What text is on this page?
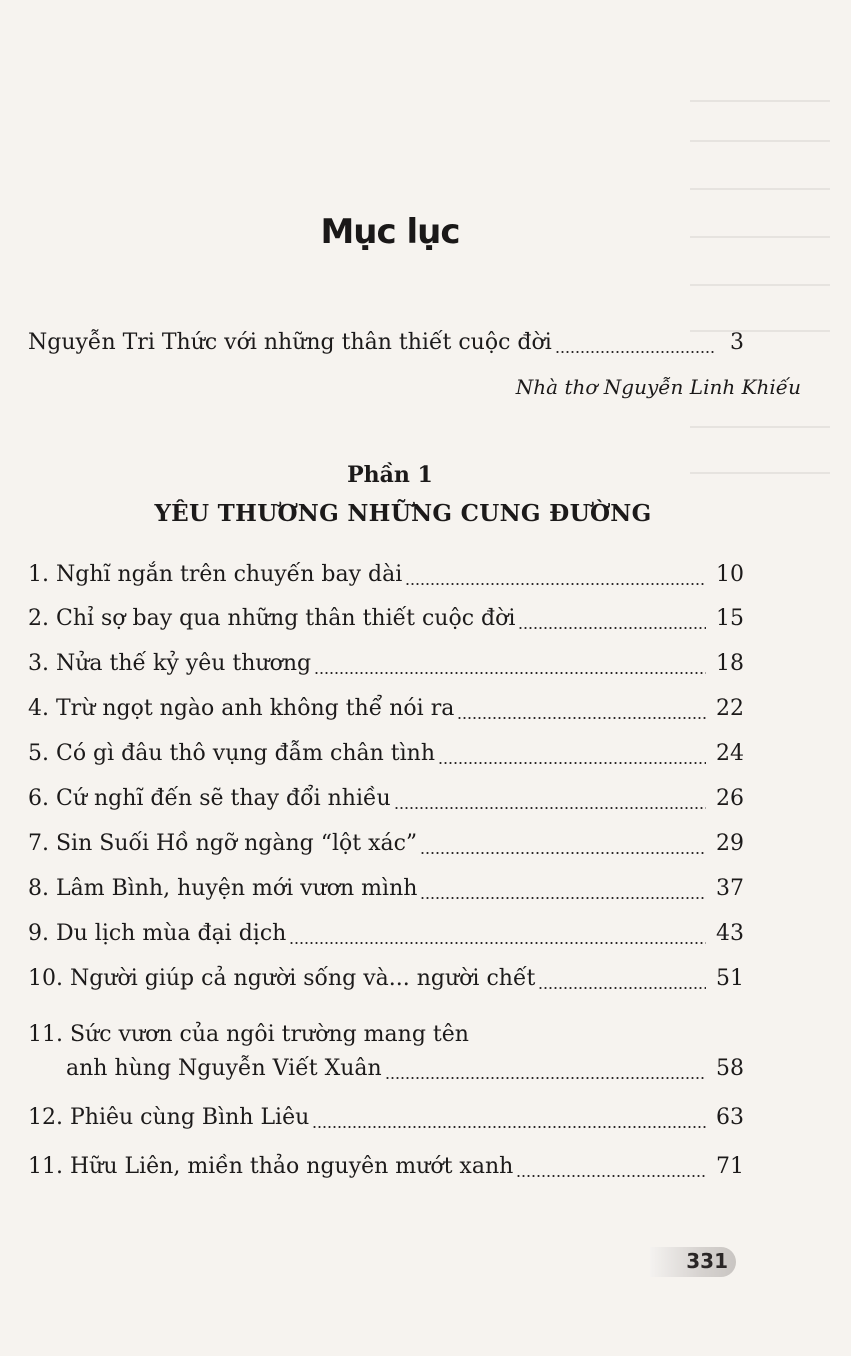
Mục lục
Nguyễn Tri Thức với những thân thiết cuộc đời	3
Nhà thơ Nguyễn Linh Khiếu
Phần 1
YÊU THƯƠNG NHỮNG CUNG ĐƯỜNG
1. Nghĩ ngắn trên chuyến bay dài	10
2. Chỉ sợ bay qua những thân thiết cuộc đời	15
3. Nửa thế kỷ yêu thương	18
4. Trừ ngọt ngào anh không thể nói ra	22
5. Có gì đâu thô vụng đẫm chân tình	24
6. Cứ nghĩ đến sẽ thay đổi nhiều	26
7. Sin Suối Hồ ngỡ ngàng “lột xác”	29
8. Lâm Bình, huyện mới vươn mình	37
9. Du lịch mùa đại dịch	43
10. Người giúp cả người sống và... người chết	51
11. Sức vươn của ngôi trường mang tên
anh hùng Nguyễn Viết Xuân	58
12. Phiêu cùng Bình Liêu	63
11. Hữu Liên, miền thảo nguyên mướt xanh	71
331
